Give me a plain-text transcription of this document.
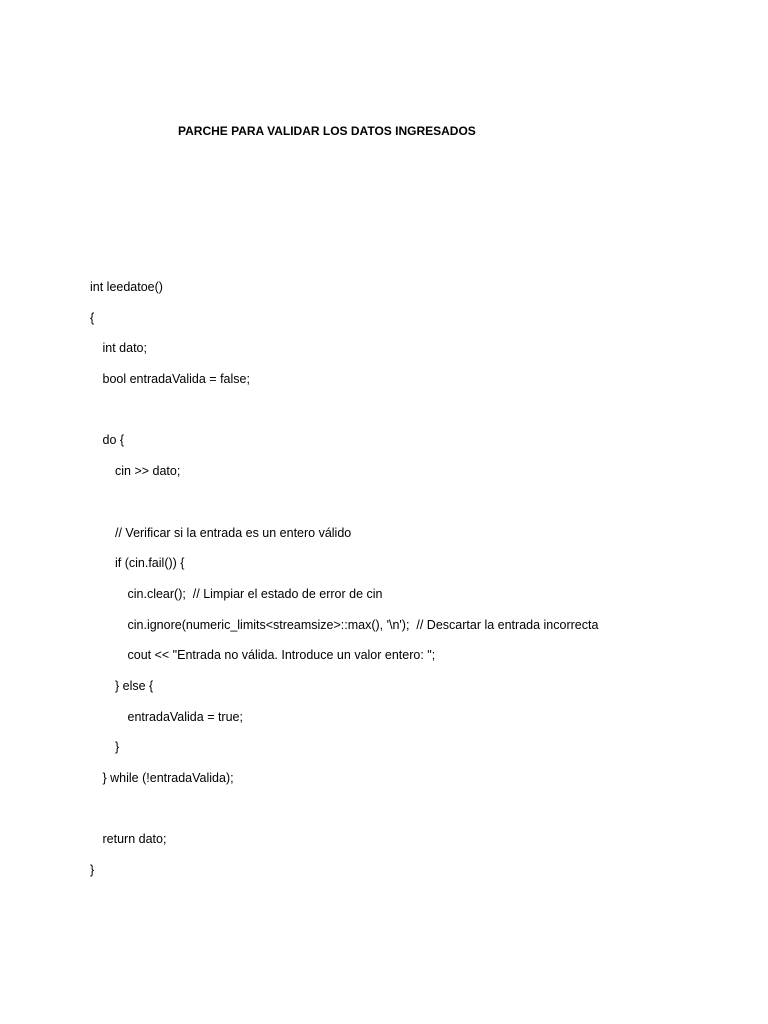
PARCHE PARA VALIDAR LOS DATOS INGRESADOS
int leedatoe()
{
int dato;
bool entradaValida = false;
do {
cin >> dato;
// Verificar si la entrada es un entero válido
if (cin.fail()) {
cin.clear();  // Limpiar el estado de error de cin
cin.ignore(numeric_limits<streamsize>::max(), '\n');  // Descartar la entrada incorrecta
cout << "Entrada no válida. Introduce un valor entero: ";
} else {
entradaValida = true;
}
} while (!entradaValida);
return dato;
}
